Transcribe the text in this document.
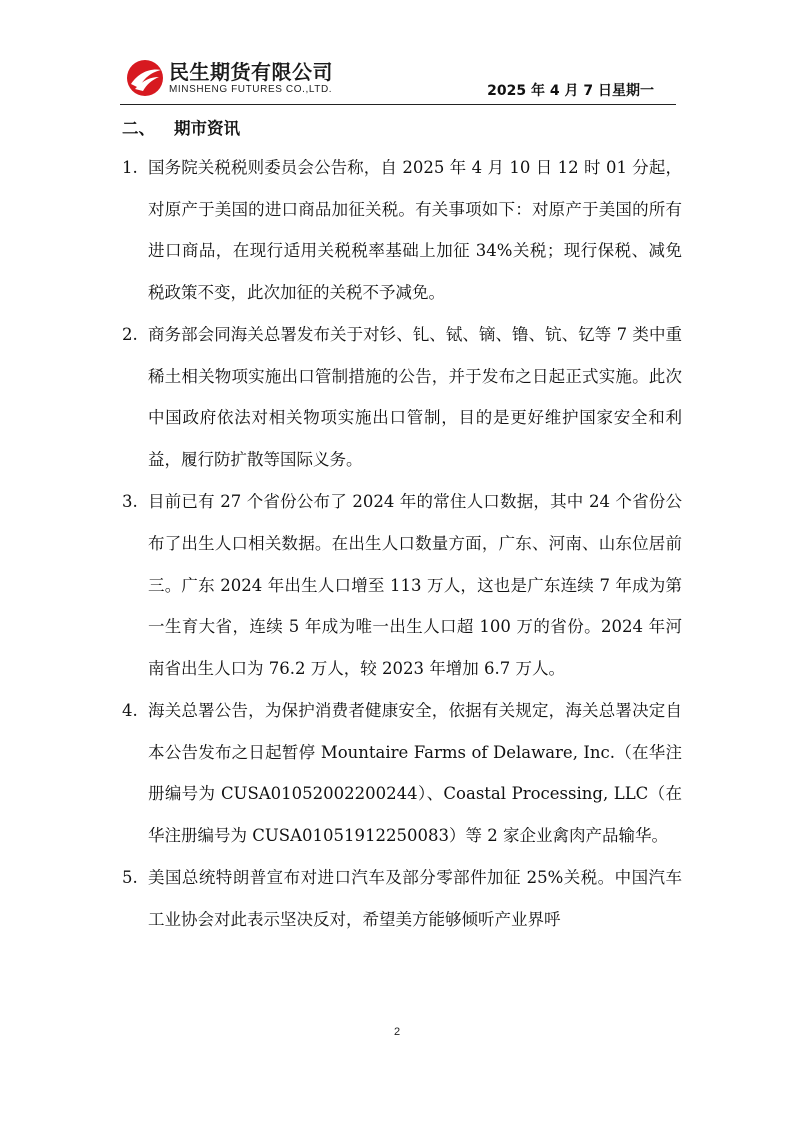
民生期货有限公司
MINSHENG FUTURES CO.,LTD.	2025 年 4 月 7 日星期一
二、 期市资讯
1. 国务院关税税则委员会公告称，自 2025 年 4 月 10 日 12 时 01 分起，对原产于美国的进口商品加征关税。有关事项如下：对原产于美国的所有进口商品，在现行适用关税税率基础上加征 34%关税；现行保税、减免税政策不变，此次加征的关税不予减免。
2. 商务部会同海关总署发布关于对钐、钆、铽、镝、镥、钪、钇等 7 类中重稀土相关物项实施出口管制措施的公告，并于发布之日起正式实施。此次中国政府依法对相关物项实施出口管制，目的是更好维护国家安全和利益，履行防扩散等国际义务。
3. 目前已有 27 个省份公布了 2024 年的常住人口数据，其中 24 个省份公布了出生人口相关数据。在出生人口数量方面，广东、河南、山东位居前三。广东 2024 年出生人口增至 113 万人，这也是广东连续 7 年成为第一生育大省，连续 5 年成为唯一出生人口超 100 万的省份。2024 年河南省出生人口为 76.2 万人，较 2023 年增加 6.7 万人。
4. 海关总署公告，为保护消费者健康安全，依据有关规定，海关总署决定自本公告发布之日起暂停 Mountaire Farms of Delaware, Inc.（在华注册编号为 CUSA01052002200244）、Coastal Processing, LLC（在华注册编号为 CUSA01051912250083）等 2 家企业禽肉产品输华。
5. 美国总统特朗普宣布对进口汽车及部分零部件加征 25%关税。中国汽车工业协会对此表示坚决反对，希望美方能够倾听产业界呼
2
